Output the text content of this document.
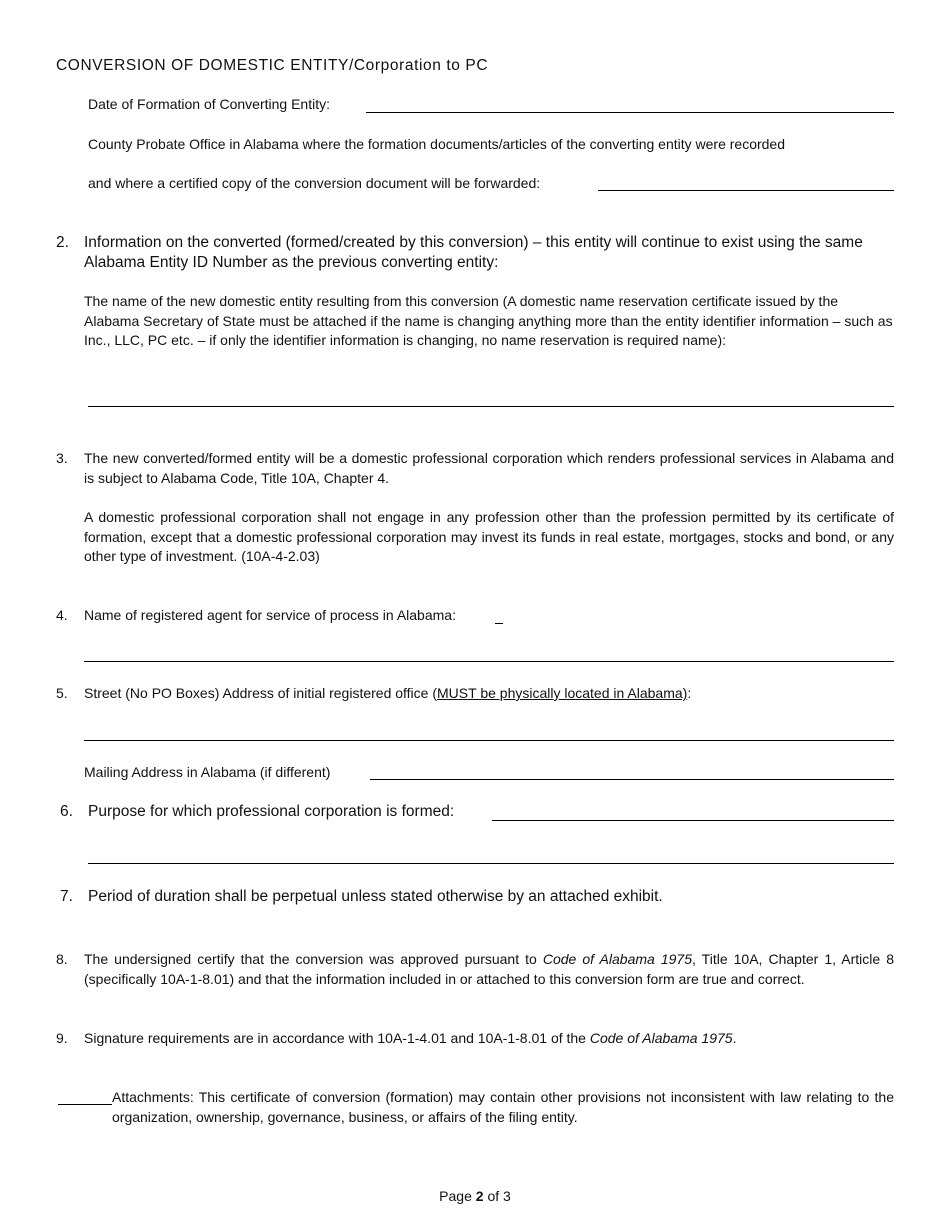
CONVERSION OF DOMESTIC ENTITY/Corporation to PC
Date of Formation of Converting Entity:
County Probate Office in Alabama where the formation documents/articles of the converting entity were recorded
and where a certified copy of the conversion document will be forwarded:
2. Information on the converted (formed/created by this conversion) – this entity will continue to exist using the same Alabama Entity ID Number as the previous converting entity:
The name of the new domestic entity resulting from this conversion (A domestic name reservation certificate issued by the Alabama Secretary of State must be attached if the name is changing anything more than the entity identifier information – such as Inc., LLC, PC etc. – if only the identifier information is changing, no name reservation is required name):
3. The new converted/formed entity will be a domestic professional corporation which renders professional services in Alabama and is subject to Alabama Code, Title 10A, Chapter 4.
A domestic professional corporation shall not engage in any profession other than the profession permitted by its certificate of formation, except that a domestic professional corporation may invest its funds in real estate, mortgages, stocks and bond, or any other type of investment. (10A-4-2.03)
4. Name of registered agent for service of process in Alabama:
5. Street (No PO Boxes) Address of initial registered office (MUST be physically located in Alabama):
Mailing Address in Alabama (if different)
6. Purpose for which professional corporation is formed:
7. Period of duration shall be perpetual unless stated otherwise by an attached exhibit.
8. The undersigned certify that the conversion was approved pursuant to Code of Alabama 1975, Title 10A, Chapter 1, Article 8 (specifically 10A-1-8.01) and that the information included in or attached to this conversion form are true and correct.
9. Signature requirements are in accordance with 10A-1-4.01 and 10A-1-8.01 of the Code of Alabama 1975.
Attachments: This certificate of conversion (formation) may contain other provisions not inconsistent with law relating to the organization, ownership, governance, business, or affairs of the filing entity.
Page 2 of 3
